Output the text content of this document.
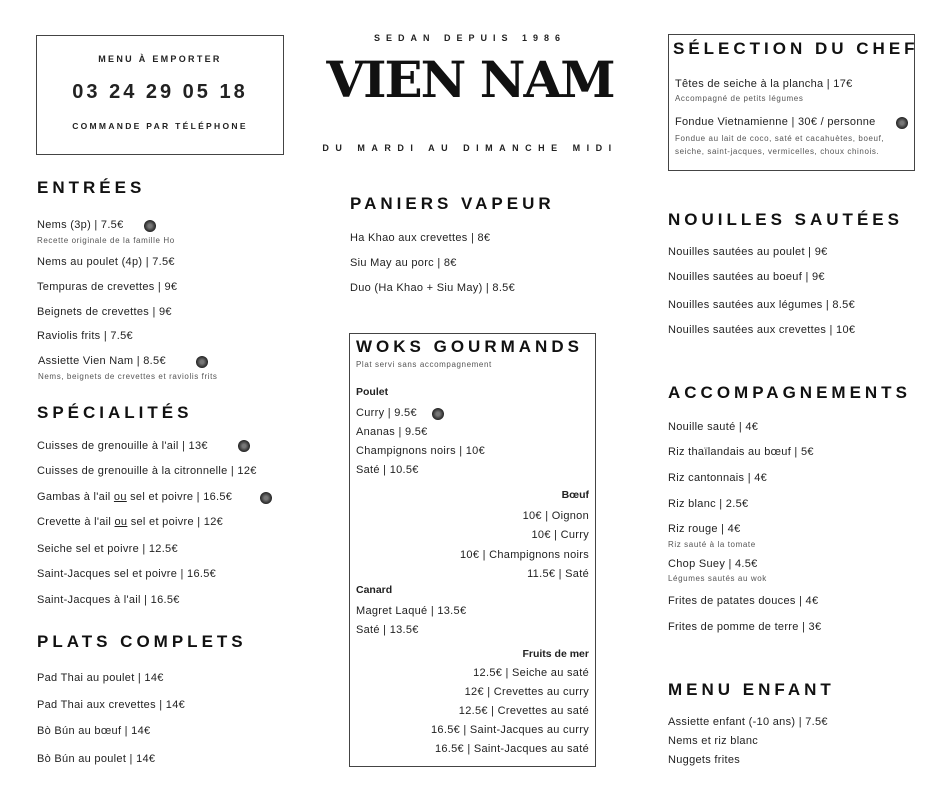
MENU À EMPORTER
03 24 29 05 18
COMMANDE PAR TÉLÉPHONE
SEDAN DEPUIS 1986
VIEN NAM
DU MARDI AU DIMANCHE MIDI
ENTRÉES
Nems (3p) | 7.5€
Recette originale de la famille Ho
Nems au poulet (4p) | 7.5€
Tempuras de crevettes | 9€
Beignets de crevettes | 9€
Raviolis frits | 7.5€
Assiette Vien Nam | 8.5€
Nems, beignets de crevettes et raviolis frits
SPÉCIALITÉS
Cuisses de grenouille à l'ail | 13€
Cuisses de grenouille à la citronnelle | 12€
Gambas à l'ail ou sel et poivre | 16.5€
Crevette à l'ail ou sel et poivre | 12€
Seiche sel et poivre | 12.5€
Saint-Jacques sel et poivre | 16.5€
Saint-Jacques à l'ail | 16.5€
PLATS COMPLETS
Pad Thai au poulet | 14€
Pad Thai aux crevettes | 14€
Bò Bún au bœuf | 14€
Bò Bún au poulet | 14€
PANIERS VAPEUR
Ha Khao aux crevettes | 8€
Siu May au porc | 8€
Duo (Ha Khao + Siu May) | 8.5€
WOKS GOURMANDS
Plat servi sans accompagnement
Poulet
Curry | 9.5€
Ananas | 9.5€
Champignons noirs | 10€
Saté | 10.5€
Bœuf
10€ | Oignon
10€ | Curry
10€ | Champignons noirs
11.5€ | Saté
Canard
Magret Laqué | 13.5€
Saté | 13.5€
Fruits de mer
12.5€ | Seiche au saté
12€ | Crevettes au curry
12.5€ | Crevettes au saté
16.5€ | Saint-Jacques au curry
16.5€ | Saint-Jacques au saté
SÉLECTION DU CHEF
Têtes de seiche à la plancha | 17€
Accompagné de petits légumes
Fondue Vietnamienne | 30€ / personne
Fondue au lait de coco, saté et cacahuètes, boeuf,
seiche, saint-jacques, vermicelles, choux chinois.
NOUILLES SAUTÉES
Nouilles sautées au poulet | 9€
Nouilles sautées au boeuf | 9€
Nouilles sautées aux légumes | 8.5€
Nouilles sautées aux crevettes | 10€
ACCOMPAGNEMENTS
Nouille sauté | 4€
Riz thaïlandais au bœuf | 5€
Riz cantonnais | 4€
Riz blanc | 2.5€
Riz rouge | 4€
Riz sauté à la tomate
Chop Suey | 4.5€
Légumes sautés au wok
Frites de patates douces | 4€
Frites de pomme de terre | 3€
MENU ENFANT
Assiette enfant (-10 ans) | 7.5€
Nems et riz blanc
Nuggets frites
